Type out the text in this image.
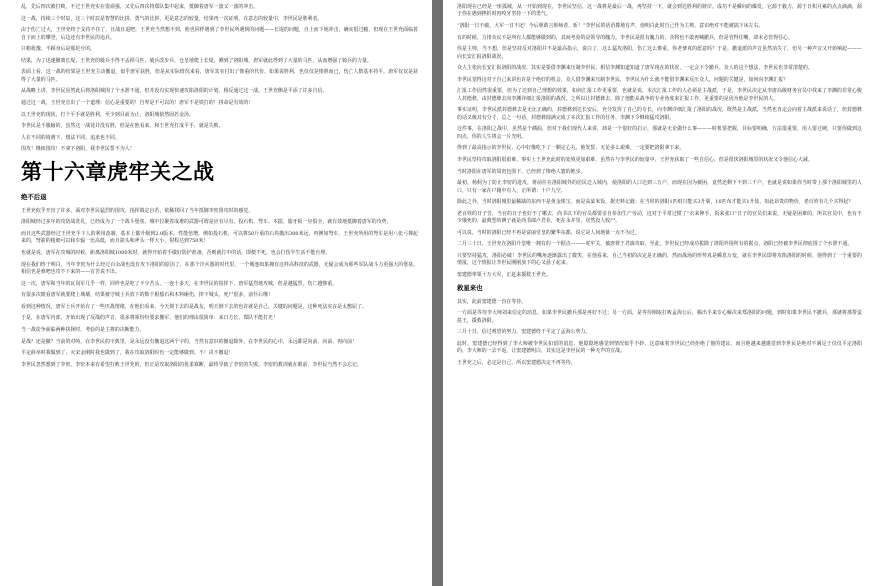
乱，先后四次被打败，不过王世充实在很顽强，又先后四次将郑队集中起来，抵御着唐军一波又一波的冲击。

这一战，持续三个时辰，这三个时辰是智慧的比拼、勇气的比拼，更是意志的较量，结果再一次证明，在意志的较量中，李世民是胜利者。

由于伤亡过大，王世充终于支持不住了，且战且退吧，王世充当然想不到，他也同样遇到了李世民所遇到的问题——长堤的问题，自上而下地冲击，确实很过瘾，但现在王世充面临着自下而上的攀登，后边还有李世民的追兵。

只稍犹豫，不顾身后是那坨兮的。

结果，为了迅速撤离长堤，王世充的骑兵不得不丢掉马匹，骑兵改步兵，仓皇地爬上长堤，溯到了洛阳城，唐军就此得到了大量的马匹，从而增强了骑兵的力量。

表面上看，这一战的结果是王世充主动撤退，似乎唐军获胜，但是从实际情况来看，唐军其实付出了惨重的代价，如果说胜利，也仅仅是惨胜而已，伤亡人数基本持平，唐军仅仅是获得了大量的马匹。

从战略上讲，李世民虽然此后将洛阳城围了个水泄不通，但并没有实现快速攻陷洛阳的计划，相反通过这一战，王世充侧是平添了许多自信。

通过这一战，王世充宣出了一个道理：信心是重要的！自卑是不可以的！唐军不是铁打的！拼命是有效的！

以王世充的现状，打个平手就是胜利，至少到目前为止，洛阳城依然固若金汤。

李世民是不服输的，虽然这一战徒并没有胜，但是在他看来，和王世充打成平手，就是失败。

人在不同的境遇下，想法不同，追求也不同。

围攻！继续围攻！不拿下洛阳，我李世民誓不为人！

第十六章虎牢关之战
绝不后退

王世充似乎开窍了许多，面对李世民猛烈的围攻，指挥镇定自若，依稀找回了当年抵御李密围攻时的感觉。

洛阳城经过多年的攻防战洗礼，已经成为了一个战斗堡垒，城中拉聚着成堆的武器可谓是应有尽有。投石机、弩车、木擂、脂牙板一应俱全，就有效地抵御着唐军的攻势。

而且这些武器经过王世充手下人的利用改制，基本上都升级到2.0版本。性能倍增，例如投石机，可以将50斤重的石块抛出300米远，再例如弩车，王世充所用的弩车是用八张弓撑起来的，弩箭的粗细可以和车辐一比高低，而且箭头和斧头一样大小，射程达到750米！

也就是说，唐军在攻城的时候，距离洛阳城1000米时，就得开始着手做好防护准备，否则就打中的话，即便不死，也会打伤半生活不能自理。

现在我们终于明白，当年李密为什么经过百余战也没有攻下洛阳的原因了，在那个冷兵器的时代里，一个城池如果拥有这样高科技的武器，无疑会成为那些军队战斗力更强大的堡垒。相信也是难吧也攻不下来的——有苦说不出。

这一次，唐军和当年的瓦岗军几乎一样，同样也是吃了不少苦头，一连十多天，在李世民的指挥下，唐军猛烈地攻城，但是越猛烈，伤亡越惨重。

有很多次眼看唐军就要爬上城墙，结果被守城士兵放下的数千根檑石和木料砸伤，摔下城头，死尸很多，前仆后继！

看到这种情况，唐军士兵开始有了一些厌战情绪，在他们看来，今天倒下去的是战友，明天倒下去的也许就是自己，关键的问题是，这种死法实在是太憋屈了。

于是，在唐军内部，开始出现了反战的声音，很多将领纷纷要求撤军，他们的理由很简单：来日方长，郑队不能打光！

当一战徒争面临两种抉择时，考验的是主将的决断能力。

是战？还是撤？当前的对峙，在李世民的字典里，是永远没有撤退这两个字的，当然有意识的撤退除外。在李世民的心中，永远都是向前、向前、再向前！

平定薛举时我做到了，灭宋金刚时我也做到了，我在攻取洛阳时也一定能够做到。不！决不撤退！

李世民忽然想到了李密，李密本来有希望打败王世充的，但正是攻取洛阳的优柔寡断，最终导致了李密的失败。李密的教训就在眼前，李世民当然不会忘记。

洛阳现在已经是一座孤城，从一开始到现在，李世民坚信，这一战将是最后一战，再坚持一下，就会到达胜利的彼岸。成功不是瞬间的爆发，它源于毅力，源于日积月累的点点滴滴，源于你在遇到挫折时再咬牙坚持一下的勇气。

“洛阳一日不破，大军一日不还！今后胆敢言班师者，斩！”李世民的话语掷地有声，他明白此时自己作为主帅，意识绝对不能被搞下床左右。

有的时候，力排众议不是所有人都能够做到的，其间考验的是领导的魄力。李世民是很有魄力的，众将也不敢再喊撤兵，但是管得住嘴，却未必管得住心。

你是主帅，当不想，但是坚持反对洛阳并不是最高指示，说白了，这么猛攻洛阳，伤亡这么惨重，你老爹真的愿意吗？于是，撤退派的声音虽然消失了，但另一种声音又开始响起———向长安汇报洛阳战况。

众人主张向长安汇报洛阳的战况，其实是要借李渊来压制李世民，相信李渊知道知道了唐军现在的状况，一定会下令撤兵。众人的这个想法，李世民也非常清楚的。

李世民觉得这对于自己来讲也许是个绝好的机会，众人借李渊来压制李世民，李世民为什么就不能借李渊来反压众人，问题的关键是，如何向李渊汇报？

汇报工作固然很重要，但为了达到自己理想的效果，如何汇报工作更重要，也就是说，本次汇报工作的人必须是主战派，于是，李世民决定从李唐高级财务官员中找来了李渊的非常心腹人封德彝，由封德彝去向李渊详细汇报洛阳的战况。之所以让封德彝去，除了他能从战争的专业角度来汇报工作，更重要的是因为他是李世民的人。

事实证明，李世民派封德彝去是无比正确的，封德彝到达长安后，充分发挥了自己的专长，向李渊详细汇报了洛阳的战况，既然是主战派，当然也肯定会向着主战派来说话了，但封德彝的话又极其有分寸，总之一句话，封德彝圆满完成了本次汇报工作的任务，李渊下令继续猛攻洛阳。

这件事，在洛阳之战中，虽然是个插曲，但对于我们现代人来讲，却是一个很好的启示，那就是无论做什么事———时机要把握，目标要明确，方法很重要，用人要过硬，只要你做到这四点，你的人生将会一片光明。

得到了最高指示的李世民，心中好像吃下了一颗定心丸，他发誓，无论多么艰难，一定要把洛阳拿下来。

李世民坚持攻取洛阳很艰难，事实上王世充此时的处境更加艰难，虽然在与李世民的较量中，王世充获取了一些自信心，但是很快洛阳城里的状况又令他信心大减。

当时洛阳在唐军的周密包围下，已经到了惨绝人寰的地步。

最初，杨侗为了防止李密的进攻，将前任在洛阳城外的居民迁入城内，使洛阳的人口达到三万户，而现在因为被困，竟然还剩下不到三千户，也就是说如果你当时带上那个洛阳城里的人口，只有一家在户籍中有人，正所谓：十户九空。

除此之外，当时洛阳城里最稀缺的东西不是黄金珠宝，而是高粱米饭，据史料记载：在当时的洛阳1匹绢只能买3升粟，10匹布才能买1升盐，如此昂贵的物价，老百姓有几个买得起？

老百姓的日子苦，当官的日子也好不了哪去，尚书以下的官员都要亲自参加生产劳动，这对于平常过惯了“衣来伸手，饭来张口”日子的官员们来说，无疑是困难的，所以官员中，也有不少饿死的，最典型的例子就是尚书郎卢君业，死在永并里，居然没人收尸。

可以说，当时的洛阳已经不再是富丽堂皇的繁华东都，说它是人间地狱一点不为过。

二月三十日，王世充在洛阳升堂唯一拥有的一个据点———虎牢关，被唐将王君廓攻取，至此，李世民已经成功拔除了洛阳外围所有的据点，洛阳已经被李世民彻底围了个水泄不通。

只要坚持猛攻，洛阳必破！李世民的嘴角逐渐露出了微笑，在他看来，自己当初的决定是正确的，然而战场的形势真是瞬息万变，就在李世民即将攻陷洛阳的时候，他得到了一个重要的情报，这个情报让李世民刚刚放下的心又悬了起来。

窦建德率领十万大军，正赶来援救王世充。

救星来也

其实，此前窦建德一直在等待。

一方面是等待李大师刘来信定的消息，如果李世民撤兵那是再好不过；另一方面，是等待刚取打败孟海公后，腾出手来专心解决来郑洛阳的问题，到时如果李世民不撤兵，那就将那帮蛋挞王，援救洛阳。

三月十日，信过观望的努力，窦建德终于平定了孟海公势力。

此时，窦建德已经得到了李大师被李世民扣留的消息，他隐隐地感觉到情况似乎不妙，这意味着李世民已经拒绝了他的建议，而且他越来越感觉到李世民是绝对不满足于仅仅平定洛阳的，李大师的一去不返，让窦建德明白，其实这是李世民的一种无声的宣战。

王世充之后，必定是自己，所以窦建德决定不再等待。
